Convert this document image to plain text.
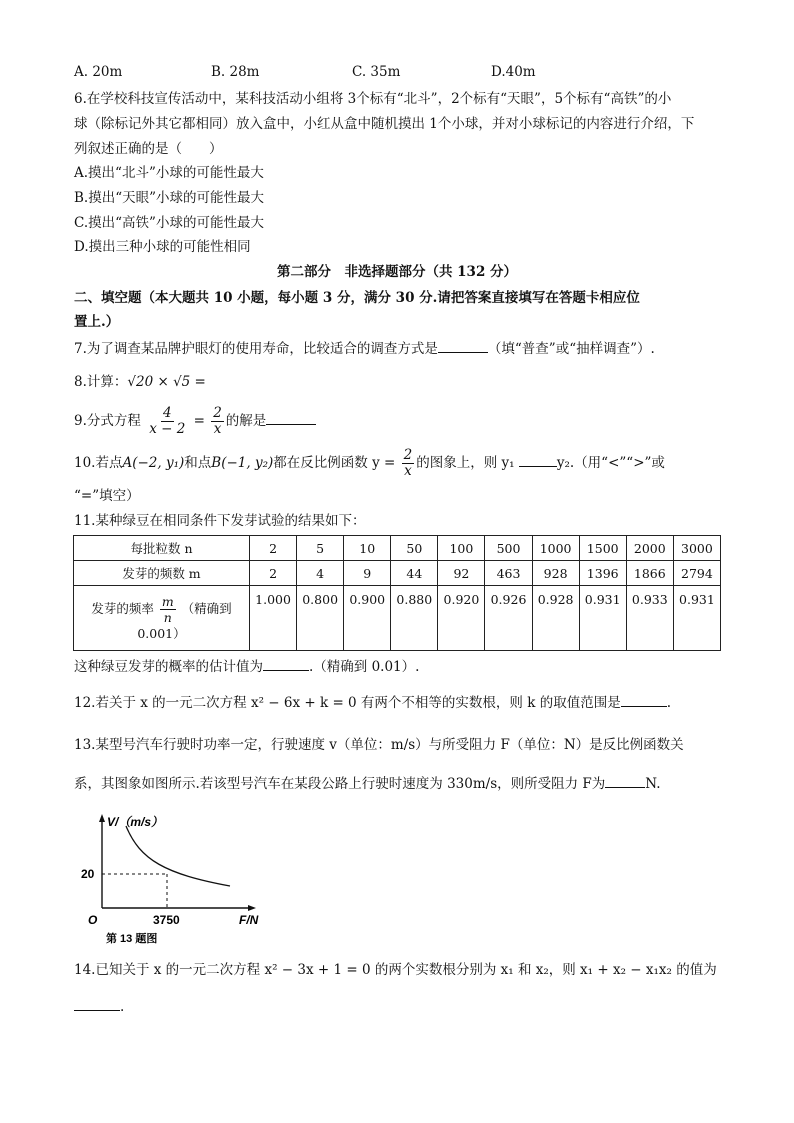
A. 20m	B. 28m	C. 35m	D.40m
6.在学校科技宣传活动中，某科技活动小组将 3个标有“北斗”，2个标有“天眼”，5个标有“高铁”的小
球（除标记外其它都相同）放入盒中，小红从盒中随机摸出 1个小球，并对小球标记的内容进行介绍，下
列叙述正确的是（　　）
A.摸出“北斗”小球的可能性最大
B.摸出“天眼”小球的可能性最大
C.摸出“高铁”小球的可能性最大
D.摸出三种小球的可能性相同
第二部分　非选择题部分（共 132 分）
二、填空题（本大题共 10 小题，每小题 3 分，满分 30 分.请把答案直接填写在答题卡相应位
置上.）
7.为了调查某品牌护眼灯的使用寿命，比较适合的调查方式是	（填“普查”或“抽样调查”）.
8.计算：√20 × √5 =
9.分式方程 $\frac{4}{x - 2} = \frac{2}{x}$ 的解是
10.若点A(−2, y₁)和点B(−1, y₂)都在反比例函数 $y = \frac{2}{x}$ 的图象上，则 y₁	y₂.（用“<”“>”或
“=”填空）
11.某种绿豆在相同条件下发芽试验的结果如下：
每批粒数 n	2	5	10	50	100	500	1000	1500	2000	3000
发芽的频数 m	2	4	9	44	92	463	928	1396	1866	2794

发芽的频率 $\frac{m}{n}$ （精确到
0.001）	1.000	0.800	0.900	0.880	0.920	0.926	0.928	0.931	0.933	0.931
这种绿豆发芽的概率的估计值为	.（精确到 0.01）.
12.若关于 x 的一元二次方程 x² − 6x + k = 0 有两个不相等的实数根，则 k 的取值范围是	.
13.某型号汽车行驶时功率一定，行驶速度 v（单位：m/s）与所受阻力 F（单位：N）是反比例函数关
系，其图象如图所示.若该型号汽车在某段公路上行驶时速度为 330m/s，则所受阻力 F为	N.
V/（m/s）
F/N
O
20
3750
第 13 题图
14.已知关于 x 的一元二次方程 x² − 3x + 1 = 0 的两个实数根分别为 x₁ 和 x₂，则 x₁ + x₂ − x₁x₂ 的值为
.
